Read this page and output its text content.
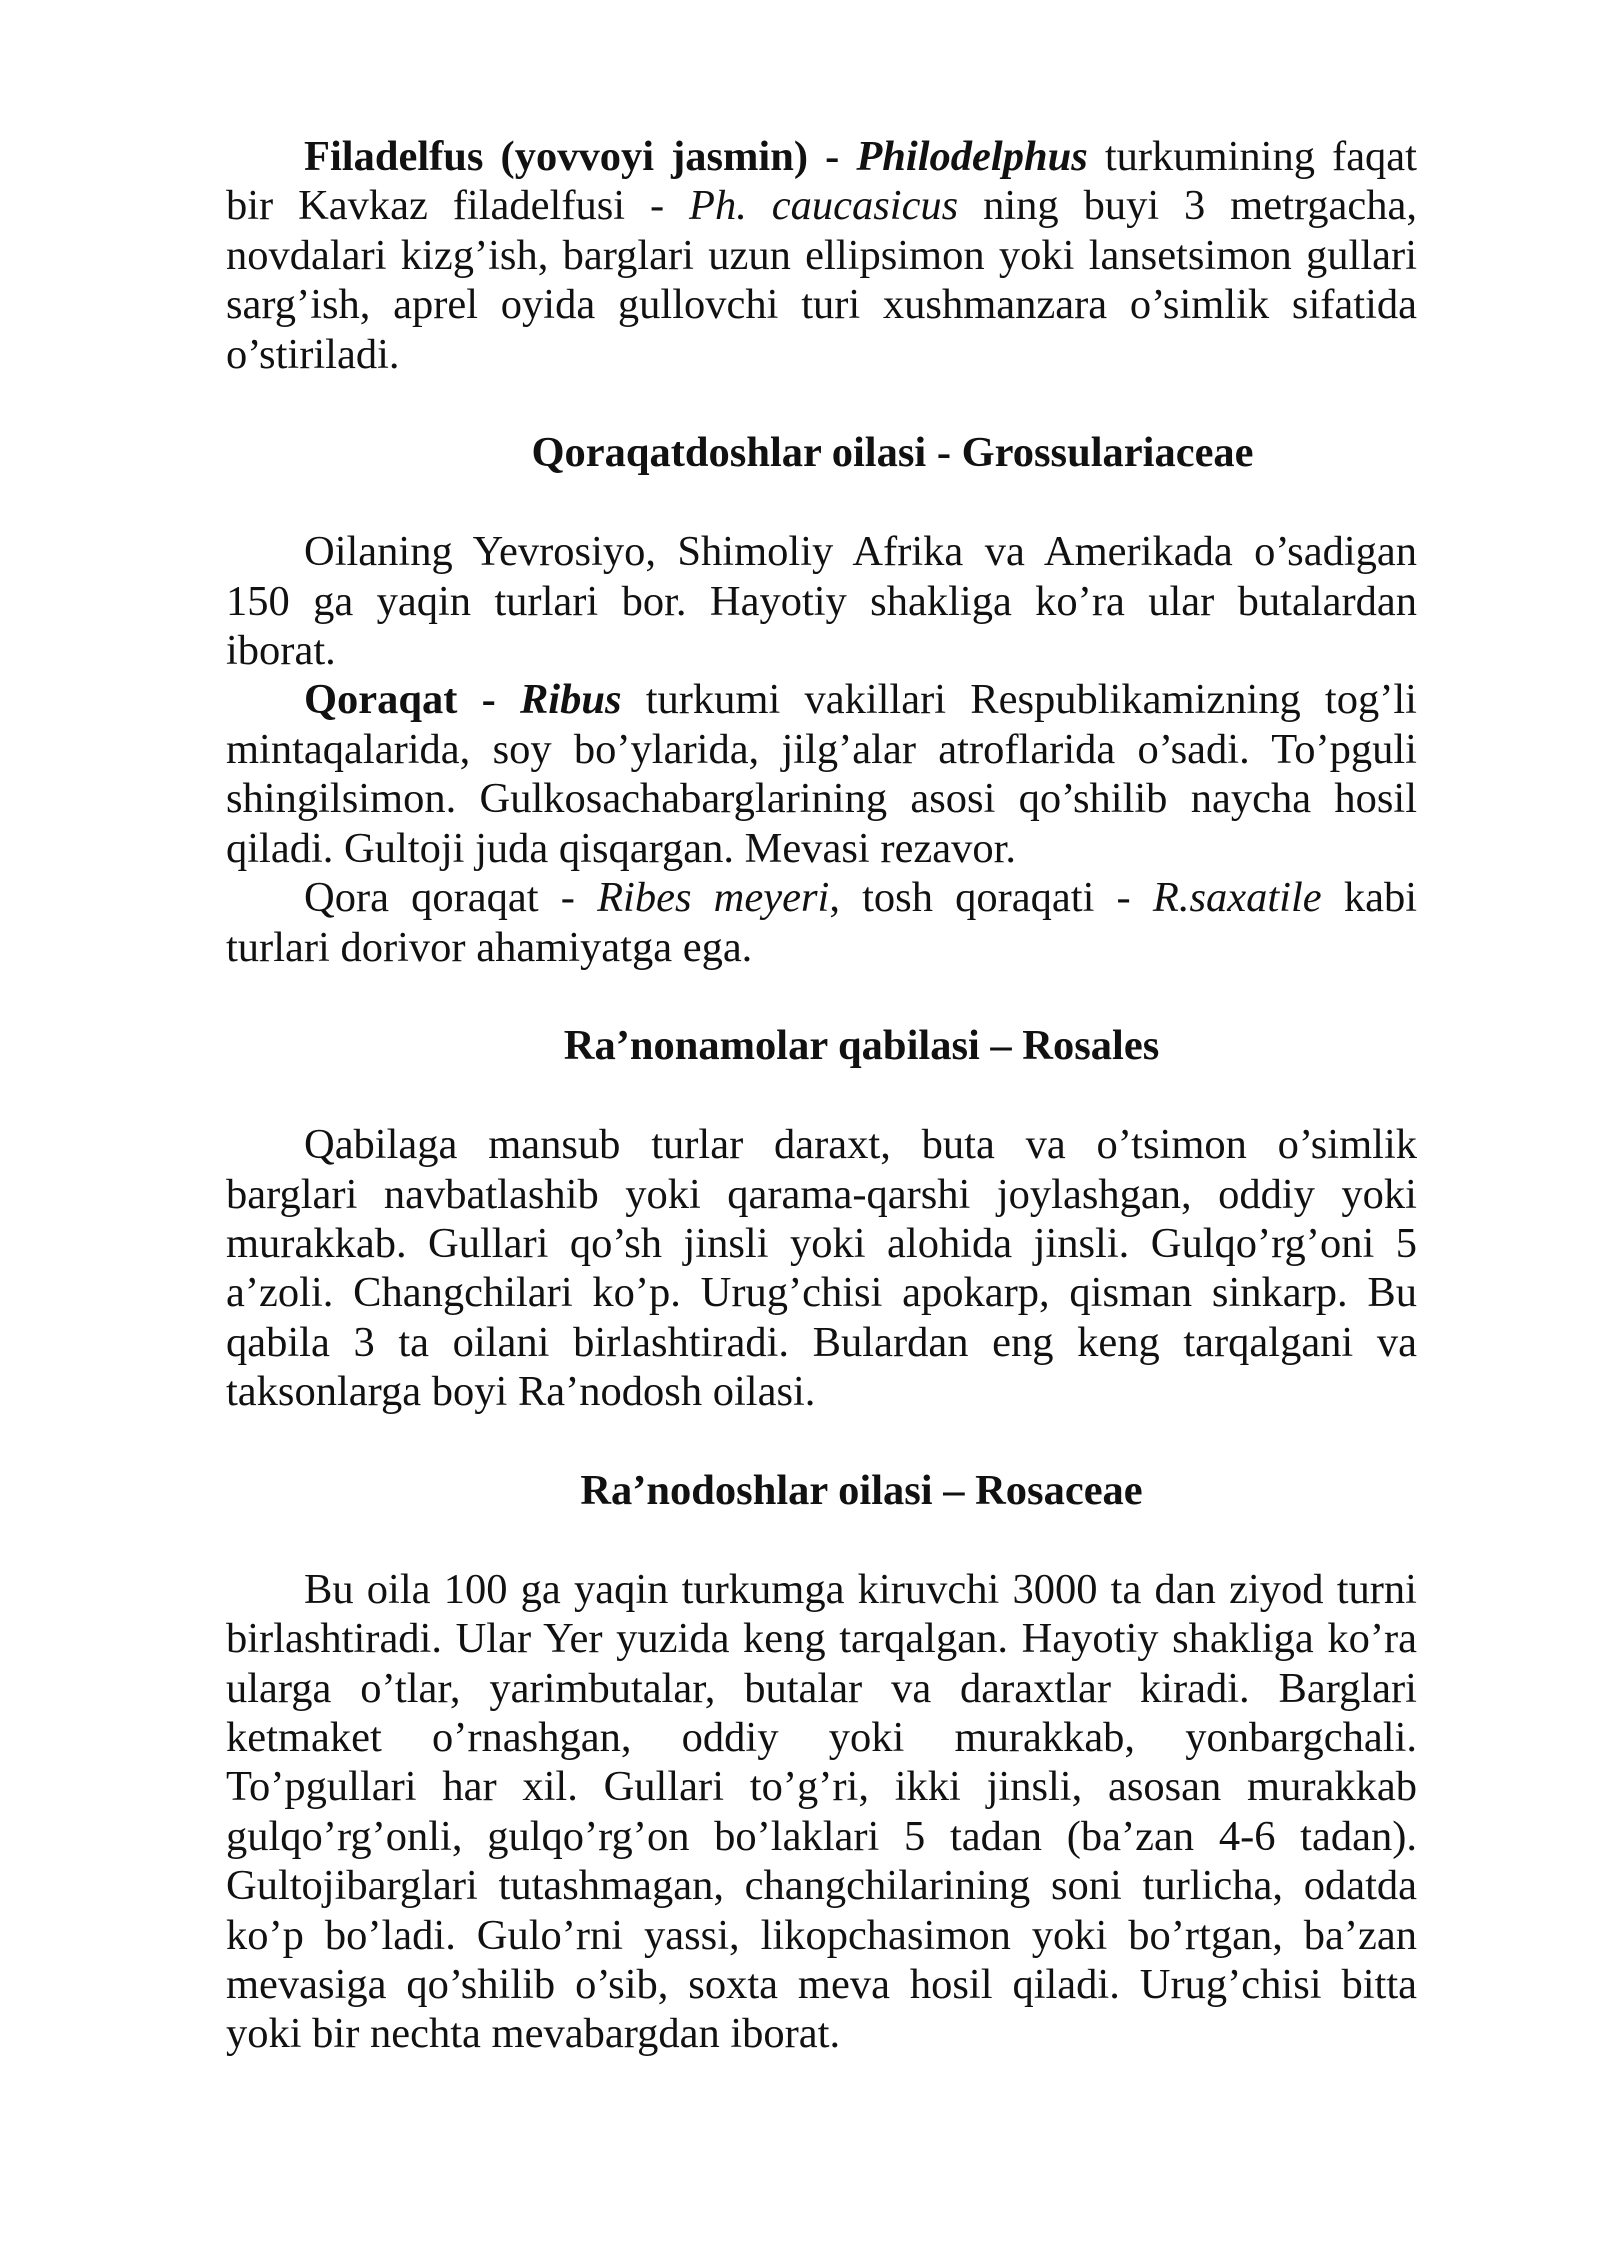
Filadelfus (yovvoyi jasmin) - Philodelphus turkumining faqat
bir Kavkaz filadelfusi - Ph. caucasicus ning buyi 3 metrgacha,
novdalari kizg’ish, barglari uzun ellipsimon yoki lansetsimon gullari
sarg’ish, aprel oyida gullovchi turi xushmanzara o’simlik sifatida
o’stiriladi.
Qoraqatdoshlar oilasi - Grossulariaceae
Oilaning Yevrosiyo, Shimoliy Afrika va Amerikada o’sadigan
150 ga yaqin turlari bor. Hayotiy shakliga ko’ra ular butalardan
iborat.
Qoraqat - Ribus turkumi vakillari Respublikamizning tog’li
mintaqalarida, soy bo’ylarida, jilg’alar atroflarida o’sadi. To’pguli
shingilsimon. Gulkosachabarglarining asosi qo’shilib naycha hosil
qiladi. Gultoji juda qisqargan. Mevasi rezavor.
Qora qoraqat - Ribes meyeri, tosh qoraqati - R.saxatile kabi
turlari dorivor ahamiyatga ega.
Ra’nonamolar qabilasi – Rosales
Qabilaga mansub turlar daraxt, buta va o’tsimon o’simlik
barglari navbatlashib yoki qarama-qarshi joylashgan, oddiy yoki
murakkab. Gullari qo’sh jinsli yoki alohida jinsli. Gulqo’rg’oni 5
a’zoli. Changchilari ko’p. Urug’chisi apokarp, qisman sinkarp. Bu
qabila 3 ta oilani birlashtiradi. Bulardan eng keng tarqalgani va
taksonlarga boyi Ra’nodosh oilasi.
Ra’nodoshlar oilasi – Rosaceae
Bu oila 100 ga yaqin turkumga kiruvchi 3000 ta dan ziyod turni
birlashtiradi. Ular Yer yuzida keng tarqalgan. Hayotiy shakliga ko’ra
ularga o’tlar, yarimbutalar, butalar va daraxtlar kiradi. Barglari
ketmaket o’rnashgan, oddiy yoki murakkab, yonbargchali.
To’pgullari har xil. Gullari to’g’ri, ikki jinsli, asosan murakkab
gulqo’rg’onli, gulqo’rg’on bo’laklari 5 tadan (ba’zan 4-6 tadan).
Gultojibarglari tutashmagan, changchilarining soni turlicha, odatda
ko’p bo’ladi. Gulo’rni yassi, likopchasimon yoki bo’rtgan, ba’zan
mevasiga qo’shilib o’sib, soxta meva hosil qiladi. Urug’chisi bitta
yoki bir nechta mevabargdan iborat.
